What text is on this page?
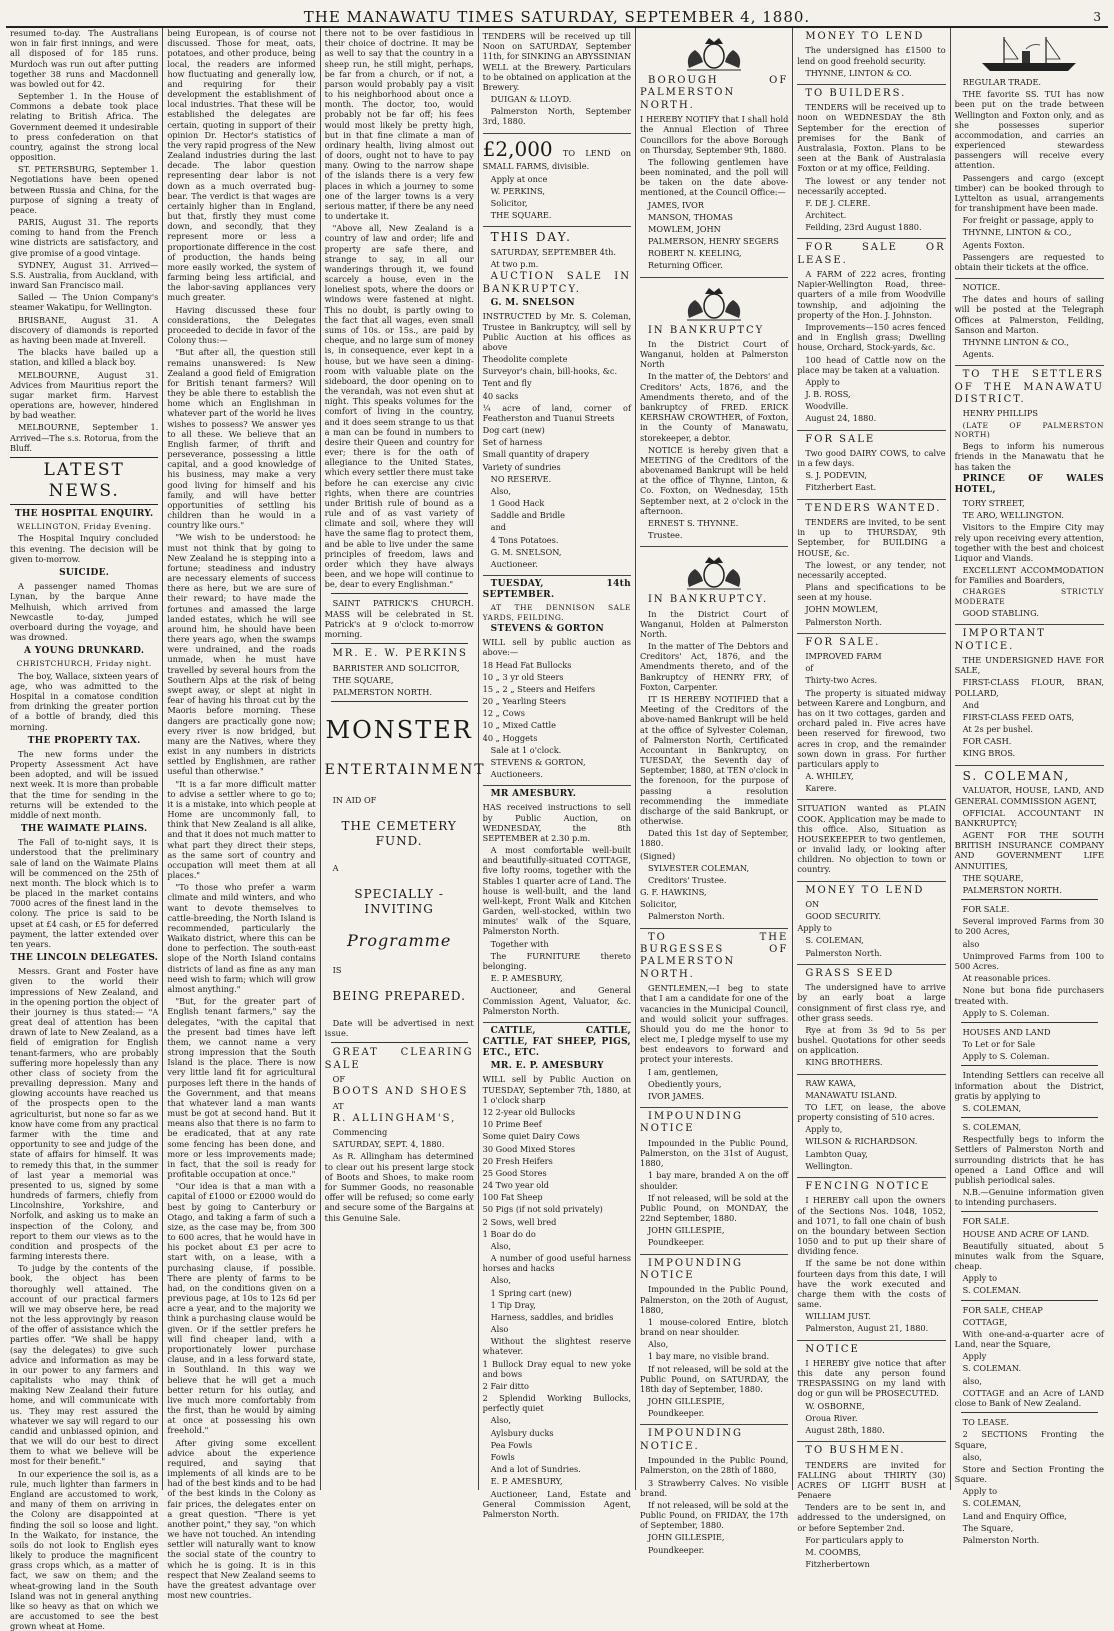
THE MANAWATU TIMES SATURDAY, SEPTEMBER 4, 1880.	3

resumed to-day. The Australians won in fair first innings, and were all disposed of for 185 runs. Murdoch was run out after putting together 38 runs and Macdonnell was bowled out for 42.

September 1. In the House of Commons a debate took place relating to British Africa. The Government deemed it undesirable to press confederation on that country, against the strong local opposition.

ST. PETERSBURG, September 1. Negotiations have been opened between Russia and China, for the purpose of signing a treaty of peace.

PARIS, August 31. The reports coming to hand from the French wine districts are satisfactory, and give promise of a good vintage.

SYDNEY, August 31. Arrived—S.S. Australia, from Auckland, with inward San Francisco mail.

Sailed — The Union Company's steamer Wakatipu, for Wellington.

BRISBANE, August 31. A discovery of diamonds is reported as having been made at Inverell.

The blacks have bailed up a station, and killed a black boy.

MELBOURNE, August 31. Advices from Mauritius report the sugar market firm. Harvest operations are, however, hindered by bad weather.

MELBOURNE, September 1. Arrived—The s.s. Rotorua, from the Bluff.

LATEST NEWS.
THE HOSPITAL ENQUIRY.
WELLINGTON, Friday Evening.

The Hospital Inquiry concluded this evening. The decision will be given to-morrow.

SUICIDE.

A passenger named Thomas Lynan, by the barque Anne Melhuish, which arrived from Newcastle to-day, jumped overboard during the voyage, and was drowned.

A YOUNG DRUNKARD.
CHRISTCHURCH, Friday night.

The boy, Wallace, sixteen years of age, who was admitted to the Hospital in a comatose condition from drinking the greater portion of a bottle of brandy, died this morning.

THE PROPERTY TAX.

The new forms under the Property Assessment Act have been adopted, and will be issued next week. It is more than probable that the time for sending in the returns will be extended to the middle of next month.

THE WAIMATE PLAINS.

The Fall of to-night says, it is understood that the preliminary sale of land on the Waimate Plains will be commenced on the 25th of next month. The block which is to be placed in the market contains 7000 acres of the finest land in the colony. The price is said to be upset at £4 cash, or £5 for deferred payment, the latter extended over ten years.

THE LINCOLN DELEGATES.

Messrs. Grant and Foster have given to the world their impressions of New Zealand, and in the opening portion the object of their journey is thus stated:— "A great deal of attention has been drawn of late to New Zealand, as a field of emigration for English tenant-farmers, who are probably suffering more hopelessly than any other class of society from the prevailing depression. Many and glowing accounts have reached us of the prospects open to the agriculturist, but none so far as we know have come from any practical farmer with the time and opportunity to see and judge of the state of affairs for himself. It was to remedy this that, in the summer of last year a memorial was presented to us, signed by some hundreds of farmers, chiefly from Lincolnshire, Yorkshire, and Norfolk, and asking us to make an inspection of the Colony, and report to them our views as to the condition and prospects of the farming interests there.

To judge by the contents of the book, the object has been thoroughly well attained. The account of our practical farmers will we may observe here, be read not the less approvingly by reason of the offer of assistance which the parties offer. "We shall be happy (say the delegates) to give such advice and information as may be in our power to any farmers and capitalists who may think of making New Zealand their future home, and will communicate with us. They may rest assured the whatever we say will regard to our candid and unbiassed opinion, and that we will do our best to direct them to what we believe will be most for their benefit."

In our experience the soil is, as a rule, much lighter than farmers in England are accustomed to work, and many of them on arriving in the Colony are disappointed at finding the soil so loose and light. In the Waikato, for instance, the soils do not look to English eyes likely to produce the magnificent grass crops which, as a matter of fact, we saw on them; and the wheat-growing land in the South Island was not in general anything like so heavy as that on which we are accustomed to see the best grown wheat at Home.

being European, is of course not discussed. Those for meat, oats, potatoes, and other produce, being local, the readers are informed how fluctuating and generally low, and requiring for their development the establishment of local industries. That these will be established the delegates are certain, quoting in support of their opinion Dr. Hector's statistics of the very rapid progress of the New Zealand industries during the last decade. The labor question representing dear labor is not down as a much overrated bug-bear. The verdict is that wages are certainly higher than in England, but that, firstly they must come down, and secondly, that they represent more or less a proportionate difference in the cost of production, the hands being more easily worked, the system of farming being less artificial, and the labor-saving appliances very much greater.

Having discussed these four considerations, the Delegates proceeded to decide in favor of the Colony thus:—

"But after all, the question still remains unanswered: Is New Zealand a good field of Emigration for British tenant farmers? Will they be able there to establish the home which an Englishman in whatever part of the world he lives wishes to possess? We answer yes to all these. We believe that an English farmer, of thrift and perseverance, possessing a little capital, and a good knowledge of his business, may make a very good living for himself and his family, and will have better opportunities of settling his children than he would in a country like ours."

"We wish to be understood: he must not think that by going to New Zealand he is stepping into a fortune; steadiness and industry are necessary elements of success there as here, but we are sure of their reward; to have made the fortunes and amassed the large landed estates, which he will see around him, he should have been there years ago, when the swamps were undrained, and the roads unmade, when he must have travelled by several hours from the Southern Alps at the risk of being swept away, or slept at night in fear of having his throat cut by the Maoris before morning. These dangers are practically gone now; every river is now bridged, but many are the Natives, where they exist in any numbers in districts settled by Englishmen, are rather useful than otherwise."

"It is a far more difficult matter to advise a settler where to go to; it is a mistake, into which people at Home are uncommonly fall, to think that New Zealand is all alike, and that it does not much matter to what part they direct their steps, as the same sort of country and occupation will meet them at all places."

"To those who prefer a warm climate and mild winters, and who want to devote themselves to cattle-breeding, the North Island is recommended, particularly the Waikato district, where this can be done to perfection. The south-east slope of the North Island contains districts of land as fine as any man need wish to farm; which will grow almost anything."

"But, for the greater part of English tenant farmers," say the delegates, "with the capital that the present bad times have left them, we cannot name a very strong impression that the South Island is the place. There is now very little land fit for agricultural purposes left there in the hands of the Government, and that means that whatever land a man wants must be got at second hand. But it means also that there is no farm to be eradicated, that at any rate some fencing has been done, and more or less improvements made; in fact, that the soil is ready for profitable occupation at once."

"Our idea is that a man with a capital of £1000 or £2000 would do best by going to Canterbury or Otago, and taking a farm of such a size, as the case may be, from 300 to 600 acres, that he would have in his pocket about £3 per acre to start with, on a lease, with a purchasing clause, if possible. There are plenty of farms to be had, on the conditions given on a previous page, at 10s to 12s 6d per acre a year, and to the majority we think a purchasing clause would be given. Or if the settler prefers he will find cheaper land, with a proportionately lower purchase clause, and in a less forward state, in Southland. In this way we believe that he will get a much better return for his outlay, and live much more comfortably from the first, than he would by aiming at once at possessing his own freehold."

After giving some excellent advice about the experience required, and saying that implements of all kinds are to be had of the best kinds and to be had of the best kinds in the Colony as fair prices, the delegates enter on a great question. "There is yet another point," they say, "on which we have not touched. An intending settler will naturally want to know the social state of the country to which he is going. It is in this respect that New Zealand seems to have the greatest advantage over most new countries.

there not to be over fastidious in their choice of doctrine. It may be as well to say that the country in a sheep run, he still might, perhaps, be far from a church, or if not, a parson would probably pay a visit to his neighborhood about once a month. The doctor, too, would probably not be far off; his fees would most likely be pretty high, but in that fine climate a man of ordinary health, living almost out of doors, ought not to have to pay many. Owing to the narrow shape of the islands there is a very few places in which a journey to some one of the larger towns is a very serious matter, if there be any need to undertake it.

"Above all, New Zealand is a country of law and order; life and property are safe there, and strange to say, in all our wanderings through it, we found scarcely a house, even in the loneliest spots, where the doors or windows were fastened at night. This no doubt, is partly owing to the fact that all wages, even small sums of 10s. or 15s., are paid by cheque, and no large sum of money is, in consequence, ever kept in a house, but we have seen a dining-room with valuable plate on the sideboard, the door opening on to the verandah, was not even shut at night. This speaks volumes for the comfort of living in the country, and it does seem strange to us that a man can be found in numbers to desire their Queen and country for ever; there is for the oath of allegiance to the United States, which every settler there must take before he can exercise any civic rights, when there are countries under British rule of bound as a rule and of as vast variety of climate and soil, where they will have the same flag to protect them, and be able to live under the same principles of freedom, laws and order which they have always been, and we hope will continue to be, dear to every Englishman."

SAINT PATRICK'S CHURCH. MASS will be celebrated in St. Patrick's at 9 o'clock to-morrow morning.

MR. E. W. PERKINS

BARRISTER AND SOLICITOR,

THE SQUARE,

PALMERSTON NORTH.

MONSTER
ENTERTAINMENT

IN AID OF

THE CEMETERY FUND.

A

SPECIALLY - INVITING
Programme

IS

BEING PREPARED.

Date will be advertised in next issue.

GREAT CLEARING SALE

OF

BOOTS AND SHOES

AT

R. ALLINGHAM'S,

Commencing

SATURDAY, SEPT. 4, 1880.

As R. Allingham has determined to clear out his present large stock of Boots and Shoes, to make room for Summer Goods, no reasonable offer will be refused; so come early and secure some of the Bargains at this Genuine Sale.

TENDERS will be received up till Noon on SATURDAY, September 11th, for SINKING an ABYSSINIAN WELL at the Brewery. Particulars to be obtained on application at the Brewery.

DUIGAN & LLOYD.

Palmerston North, September 3rd, 1880.

£2,000 TO LEND on SMALL FARMS, divisible.

Apply at once

W. PERKINS,

Solicitor,

THE SQUARE.

THIS DAY.

SATURDAY, SEPTEMBER 4th.

At two p.m.

AUCTION SALE IN BANKRUPTCY.

G. M. SNELSON

INSTRUCTED by Mr. S. Coleman, Trustee in Bankruptcy, will sell by Public Auction at his offices as above

Theodolite complete

Surveyor's chain, bill-hooks, &c.

Tent and fly

40 sacks

¼ acre of land, corner of Featherston and Tuanui Streets

Dog cart (new)

Set of harness

Small quantity of drapery

Variety of sundries

NO RESERVE.

Also,

1 Good Hack

Saddle and Bridle

and

4 Tons Potatoes.

G. M. SNELSON,

Auctioneer.

TUESDAY, 14th SEPTEMBER.

AT THE DENNISON SALE YARDS, FEILDING.

STEVENS & GORTON

WILL sell by public auction as above:—

18 Head Fat Bullocks

10 „ 3 yr old Steers

15 „ 2 „ Steers and Heifers

20 „ Yearling Steers

12 „ Cows

10 „ Mixed Cattle

40 „ Hoggets

Sale at 1 o'clock.

STEVENS & GORTON,

Auctioneers.

MR AMESBURY.

HAS received instructions to sell by Public Auction, on WEDNESDAY, the 8th SEPTEMBER at 2.30 p.m.

A most comfortable well-built and beautifully-situated COTTAGE, five lofty rooms, together with the Stables 1 quarter acre of Land. The house is well-built, and the land well-kept, Front Walk and Kitchen Garden, well-stocked, within two minutes' walk of the Square, Palmerston North.

Together with

The FURNITURE thereto belonging.

E. P. AMESBURY,

Auctioneer, and General Commission Agent, Valuator, &c. Palmerston North.

CATTLE, CATTLE, CATTLE, FAT SHEEP, PIGS, ETC., ETC.

MR. E. P. AMESBURY

WILL sell by Public Auction on TUESDAY, September 7th, 1880, at 1 o'clock sharp

12 2-year old Bullocks

10 Prime Beef

Some quiet Dairy Cows

30 Good Mixed Stores

20 Fresh Heifers

25 Good Stores

24 Two year old

100 Fat Sheep

50 Pigs (if not sold privately)

2 Sows, well bred

1 Boar do do

Also,

A number of good useful harness horses and hacks

Also,

1 Spring cart (new)

1 Tip Dray,

Harness, saddles, and bridles

Also

Without the slightest reserve whatever.

1 Bullock Dray equal to new yoke and bows

2 Fair ditto

2 Splendid Working Bullocks, perfectly quiet

Also,

Aylsbury ducks

Pea Fowls

Fowls

And a lot of Sundries.

E. P. AMESBURY,

Auctioneer, Land, Estate and General Commission Agent, Palmerston North.

BOROUGH OF PALMERSTON NORTH.

I HEREBY NOTIFY that I shall hold the Annual Election of Three Councillors for the above Borough on Thursday, September 9th, 1880.

The following gentlemen have been nominated, and the poll will be taken on the date above-mentioned, at the Council Office:—

JAMES, IVOR

MANSON, THOMAS

MOWLEM, JOHN

PALMERSON, HENRY SEGERS

ROBERT N. KEELING,

Returning Officer.

IN BANKRUPTCY

In the District Court of Wanganui, holden at Palmerston North

In the matter of, the Debtors' and Creditors' Acts, 1876, and the Amendments thereto, and of the bankruptcy of FRED. ERICK KERSHAW CROWTHER, of Foxton, in the County of Manawatu, storekeeper, a debtor.

NOTICE is hereby given that a MEETING of the Creditors of the abovenamed Bankrupt will be held at the office of Thynne, Linton, & Co. Foxton, on Wednesday, 15th September next, at 2 o'clock in the afternoon.

ERNEST S. THYNNE.

Trustee.

IN BANKRUPTCY.

In the District Court of Wanganui, Holden at Palmerston North.

In the matter of The Debtors and Creditors' Act, 1876, and the Amendments thereto, and of the Bankruptcy of HENRY FRY, of Foxton, Carpenter.

IT IS HEREBY NOTIFIED that a Meeting of the Creditors of the above-named Bankrupt will be held at the office of Sylvester Coleman, of Palmerston North, Certificated Accountant in Bankruptcy, on TUESDAY, the Seventh day of September, 1880, at TEN o'clock in the forenoon, for the purpose of passing a resolution recommending the immediate discharge of the said Bankrupt, or otherwise.

Dated this 1st day of September, 1880.

(Signed)

SYLVESTER COLEMAN,

Creditors' Trustee.

G. F. HAWKINS,

Solicitor,

Palmerston North.

TO THE BURGESSES OF PALMERSTON NORTH.

GENTLEMEN,—I beg to state that I am a candidate for one of the vacancies in the Municipal Council, and would solicit your suffrages. Should you do me the honor to elect me, I pledge myself to use my best endeavors to forward and protect your interests.

I am, gentlemen,

Obediently yours,

IVOR JAMES.

IMPOUNDING NOTICE

Impounded in the Public Pound, Palmerston, on the 31st of August, 1880,

1 bay mare, branded A on the off shoulder.

If not released, will be sold at the Public Pound, on MONDAY, the 22nd September, 1880.

JOHN GILLESPIE,

Poundkeeper.

IMPOUNDING NOTICE

Impounded in the Public Pound, Palmerston, on the 20th of August, 1880,

1 mouse-colored Entire, blotch brand on near shoulder.

Also,

1 bay mare, no visible brand.

If not released, will be sold at the Public Pound, on SATURDAY, the 18th day of September, 1880.

JOHN GILLESPIE,

Poundkeeper.

IMPOUNDING NOTICE.

Impounded in the Public Pound, Palmerston, on the 28th of 1880,

3 Strawberry Calves. No visible brand.

If not released, will be sold at the Public Pound, on FRIDAY, the 17th of September, 1880.

JOHN GILLESPIE,

Poundkeeper.

MONEY TO LEND

The undersigned has £1500 to lend on good freehold security.

THYNNE, LINTON & CO.

TO BUILDERS.

TENDERS will be received up to noon on WEDNESDAY the 8th September for the erection of premises for the Bank of Australasia, Foxton. Plans to be seen at the Bank of Australasia Foxton or at my office, Feilding.

The lowest or any tender not necessarily accepted.

F. DE J. CLERE.

Architect.

Feilding, 23rd August 1880.

FOR SALE OR LEASE.

A FARM of 222 acres, fronting Napier-Wellington Road, three-quarters of a mile from Woodville township, and adjoining the property of the Hon. J. Johnston.

Improvements—150 acres fenced and in English grass; Dwelling house, Orchard, Stock-yards, &c.

100 head of Cattle now on the place may be taken at a valuation.

Apply to

J. B. ROSS,

Woodville.

August 24, 1880.

FOR SALE

Two good DAIRY COWS, to calve in a few days.

S. J. PODEVIN,

Fitzherbert East.

TENDERS WANTED.

TENDERS are invited, to be sent in up to THURSDAY, 9th September, for BUILDING a HOUSE, &c.

The lowest, or any tender, not necessarily accepted.

Plans and specifications to be seen at my house.

JOHN MOWLEM,

Palmerston North.

FOR SALE.

IMPROVED FARM

of

Thirty-two Acres.

The property is situated midway between Karere and Longburn, and has on it two cottages, garden and orchard paled in. Five acres have been reserved for firewood, two acres in crop, and the remainder sown down in grass. For further particulars apply to

A. WHILEY,

Karere.

SITUATION wanted as PLAIN COOK. Application may be made to this office. Also, Situation as HOUSEKEEPER to two gentlemen, or invalid lady, or looking after children. No objection to town or country.

MONEY TO LEND

ON

GOOD SECURITY.

Apply to

S. COLEMAN,

Palmerston North.

GRASS SEED

The undersigned have to arrive by an early boat a large consignment of first class rye, and other grass seeds.

Rye at from 3s 9d to 5s per bushel. Quotations for other seeds on application.

KING BROTHERS.

RAW KAWA,

MANAWATU ISLAND.

TO LET, on lease, the above property consisting of 510 acres.

Apply to,

WILSON & RICHARDSON.

Lambton Quay,

Wellington.

FENCING NOTICE

I HEREBY call upon the owners of the Sections Nos. 1048, 1052, and 1071, to fall one chain of bush on the boundary between Section 1050 and to put up their share of dividing fence.

If the same be not done within fourteen days from this date, I will have the work executed and charge them with the costs of same.

WILLIAM JUST.

Palmerston, August 21, 1880.

NOTICE

I HEREBY give notice that after this date any person found TRESPASSING on my land with dog or gun will be PROSECUTED.

W. OSBORNE,

Oroua River.

August 28th, 1880.

TO BUSHMEN.

TENDERS are invited for FALLING about THIRTY (30) ACRES OF LIGHT BUSH at Penaere

Tenders are to be sent in, and addressed to the undersigned, on or before September 2nd.

For particulars apply to

M. COOMBS,

Fitzherbertown

REGULAR TRADE.

THE favorite SS. TUI has now been put on the trade between Wellington and Foxton only, and as she possesses superior accommodation, and carries an experienced stewardess passengers will receive every attention.

Passengers and cargo (except timber) can be booked through to Lyttelton as usual, arrangements for transhipment have been made.

For freight or passage, apply to

THYNNE, LINTON & CO.,

Agents Foxton.

Passengers are requested to obtain their tickets at the office.

NOTICE.

The dates and hours of sailing will be posted at the Telegraph Offices at Palmerston, Feilding, Sanson and Marton.

THYNNE LINTON & CO.,

Agents.

TO THE SETTLERS OF THE MANAWATU DISTRICT.

HENRY PHILLIPS

(LATE OF PALMERSTON NORTH)

Begs to inform his numerous friends in the Manawatu that he has taken the

PRINCE OF WALES HOTEL,

TORY STREET,

TE ARO, WELLINGTON.

Visitors to the Empire City may rely upon receiving every attention, together with the best and choicest Liquor and Viands.

EXCELLENT ACCOMMODATION for Families and Boarders,

CHARGES STRICTLY MODERATE

GOOD STABLING.

IMPORTANT NOTICE.

THE UNDERSIGNED HAVE FOR SALE,

FIRST-CLASS FLOUR, BRAN, POLLARD,

And

FIRST-CLASS FEED OATS,

At 2s per bushel.

FOR CASH.

KING BROS.

S. COLEMAN,

VALUATOR, HOUSE, LAND, AND GENERAL COMMISSION AGENT,

OFFICIAL ACCOUNTANT IN BANKRUPTCY;

AGENT FOR THE SOUTH BRITISH INSURANCE COMPANY AND GOVERNMENT LIFE ANNUITIES,

THE SQUARE,

PALMERSTON NORTH.

FOR SALE.

Several improved Farms from 30 to 200 Acres,

also

Unimproved Farms from 100 to 500 Acres.

At reasonable prices.

None but bona fide purchasers treated with.

Apply to S. Coleman.

HOUSES AND LAND

To Let or for Sale

Apply to S. Coleman.

Intending Settlers can receive all information about the District, gratis by applying to

S. COLEMAN,

S. COLEMAN,

Respectfully begs to inform the Settlers of Palmerston North and surrounding districts that he has opened a Land Office and will publish periodical sales.

N.B.—Genuine information given to intending purchasers.

FOR SALE.

HOUSE AND ACRE OF LAND.

Beautifully situated, about 5 minutes walk from the Square, cheap.

Apply to

S. COLEMAN.

FOR SALE, CHEAP

COTTAGE,

With one-and-a-quarter acre of Land, near the Square,

Apply

S. COLEMAN.

also,

COTTAGE and an Acre of LAND close to Bank of New Zealand.

TO LEASE.

2 SECTIONS Fronting the Square,

also,

Store and Section Fronting the Square.

Apply to

S. COLEMAN,

Land and Enquiry Office,

The Square,

Palmerston North.
